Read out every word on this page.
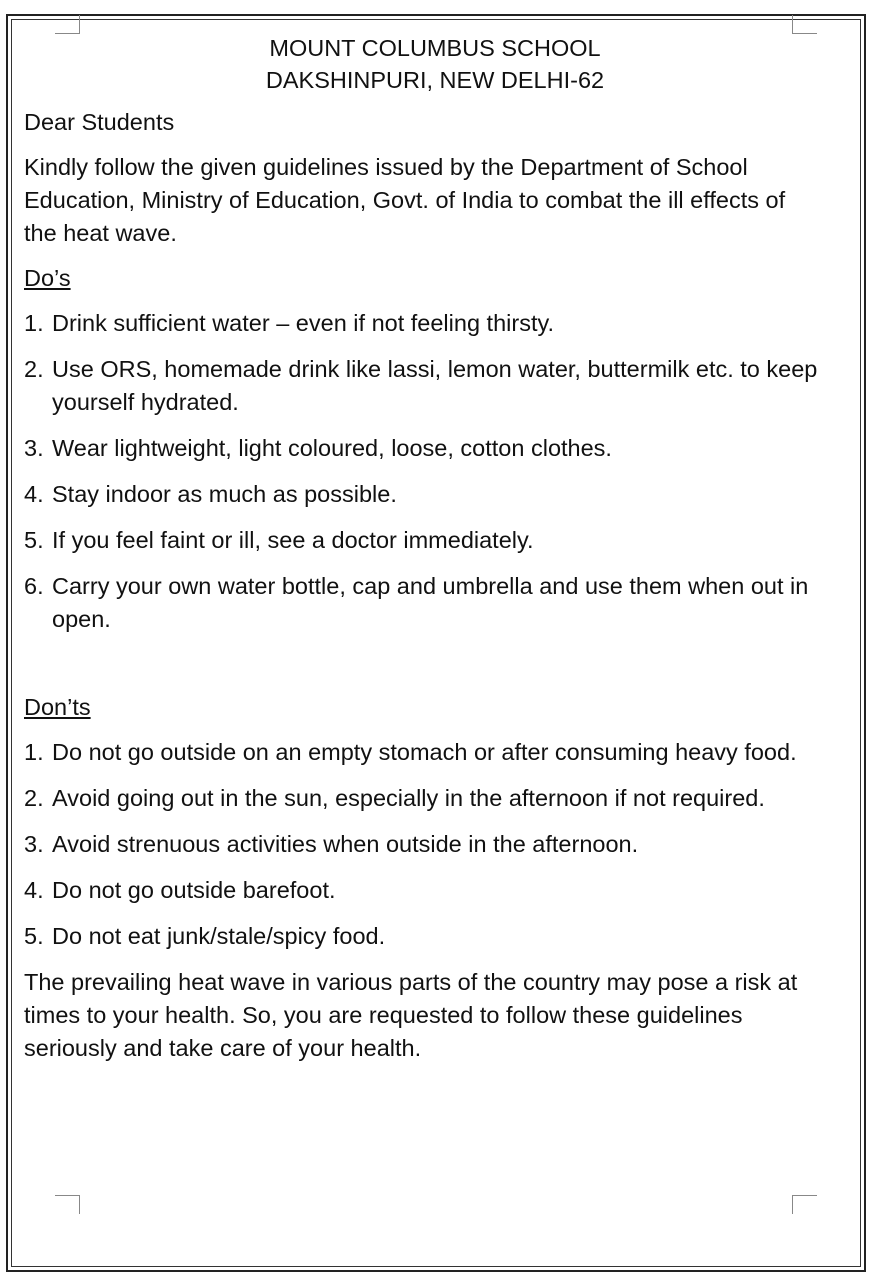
MOUNT COLUMBUS SCHOOL
DAKSHINPURI, NEW DELHI-62

Dear Students

Kindly follow the given guidelines issued by the Department of School Education, Ministry of Education, Govt. of India to combat the ill effects of the heat wave.

Do’s
1. Drink sufficient water – even if not feeling thirsty.
2. Use ORS, homemade drink like lassi, lemon water, buttermilk etc. to keep yourself hydrated.
3. Wear lightweight, light coloured, loose, cotton clothes.
4. Stay indoor as much as possible.
5. If you feel faint or ill, see a doctor immediately.
6. Carry your own water bottle, cap and umbrella and use them when out in open.
Don’ts
1. Do not go outside on an empty stomach or after consuming heavy food.
2. Avoid going out in the sun, especially in the afternoon if not required.
3. Avoid strenuous activities when outside in the afternoon.
4. Do not go outside barefoot.
5. Do not eat junk/stale/spicy food.

The prevailing heat wave in various parts of the country may pose a risk at times to your health. So, you are requested to follow these guidelines seriously and take care of your health.
